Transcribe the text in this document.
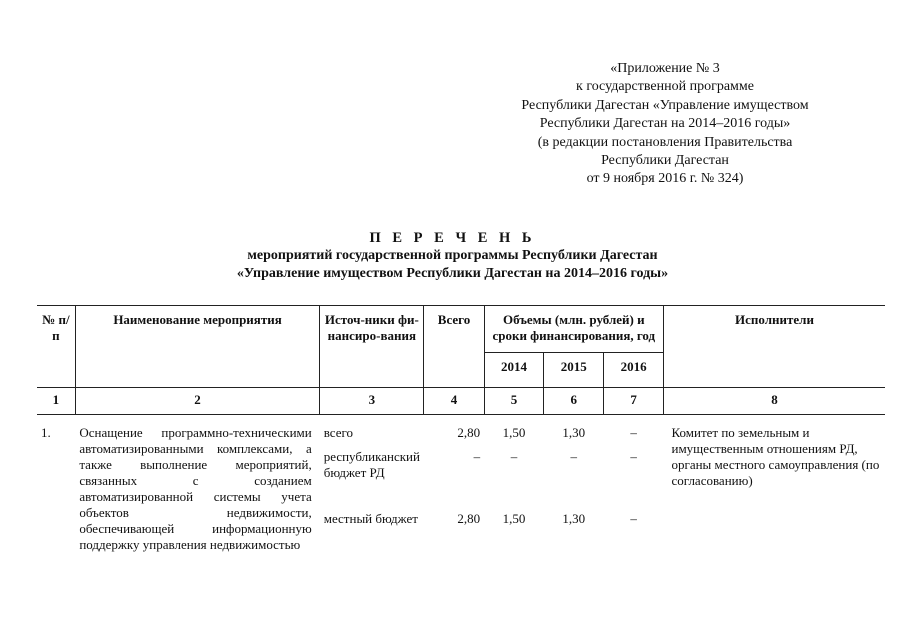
«Приложение № 3
к государственной программе
Республики Дагестан «Управление имуществом
Республики Дагестан на 2014–2016 годы»
(в редакции постановления Правительства
Республики Дагестан
от 9 ноября 2016 г. № 324)
П Е Р Е Ч Е Н Ь
мероприятий государственной программы Республики Дагестан
«Управление имуществом Республики Дагестан на 2014–2016 годы»
№ п/п	Наименование мероприятия	Источ-ники фи-нансиро-вания	Всего	Объемы (млн. рублей) и сроки финансирования, год			Исполнители
				2014	2015	2016	
1	2	3	4	5	6	7	8
1.	Оснащение программно-техническими автоматизированными комплексами, а также выполнение мероприятий, связанных с созданием автоматизированной системы учета объектов недвижимости, обеспечивающей информационную поддержку управления недвижимостью	всего	2,80	1,50	1,30	–	Комитет по земельным и имущественным отношениям РД, органы местного самоуправления (по согласованию)
		республиканский бюджет РД	–	–	–	–	
		местный бюджет	2,80	1,50	1,30	–	
